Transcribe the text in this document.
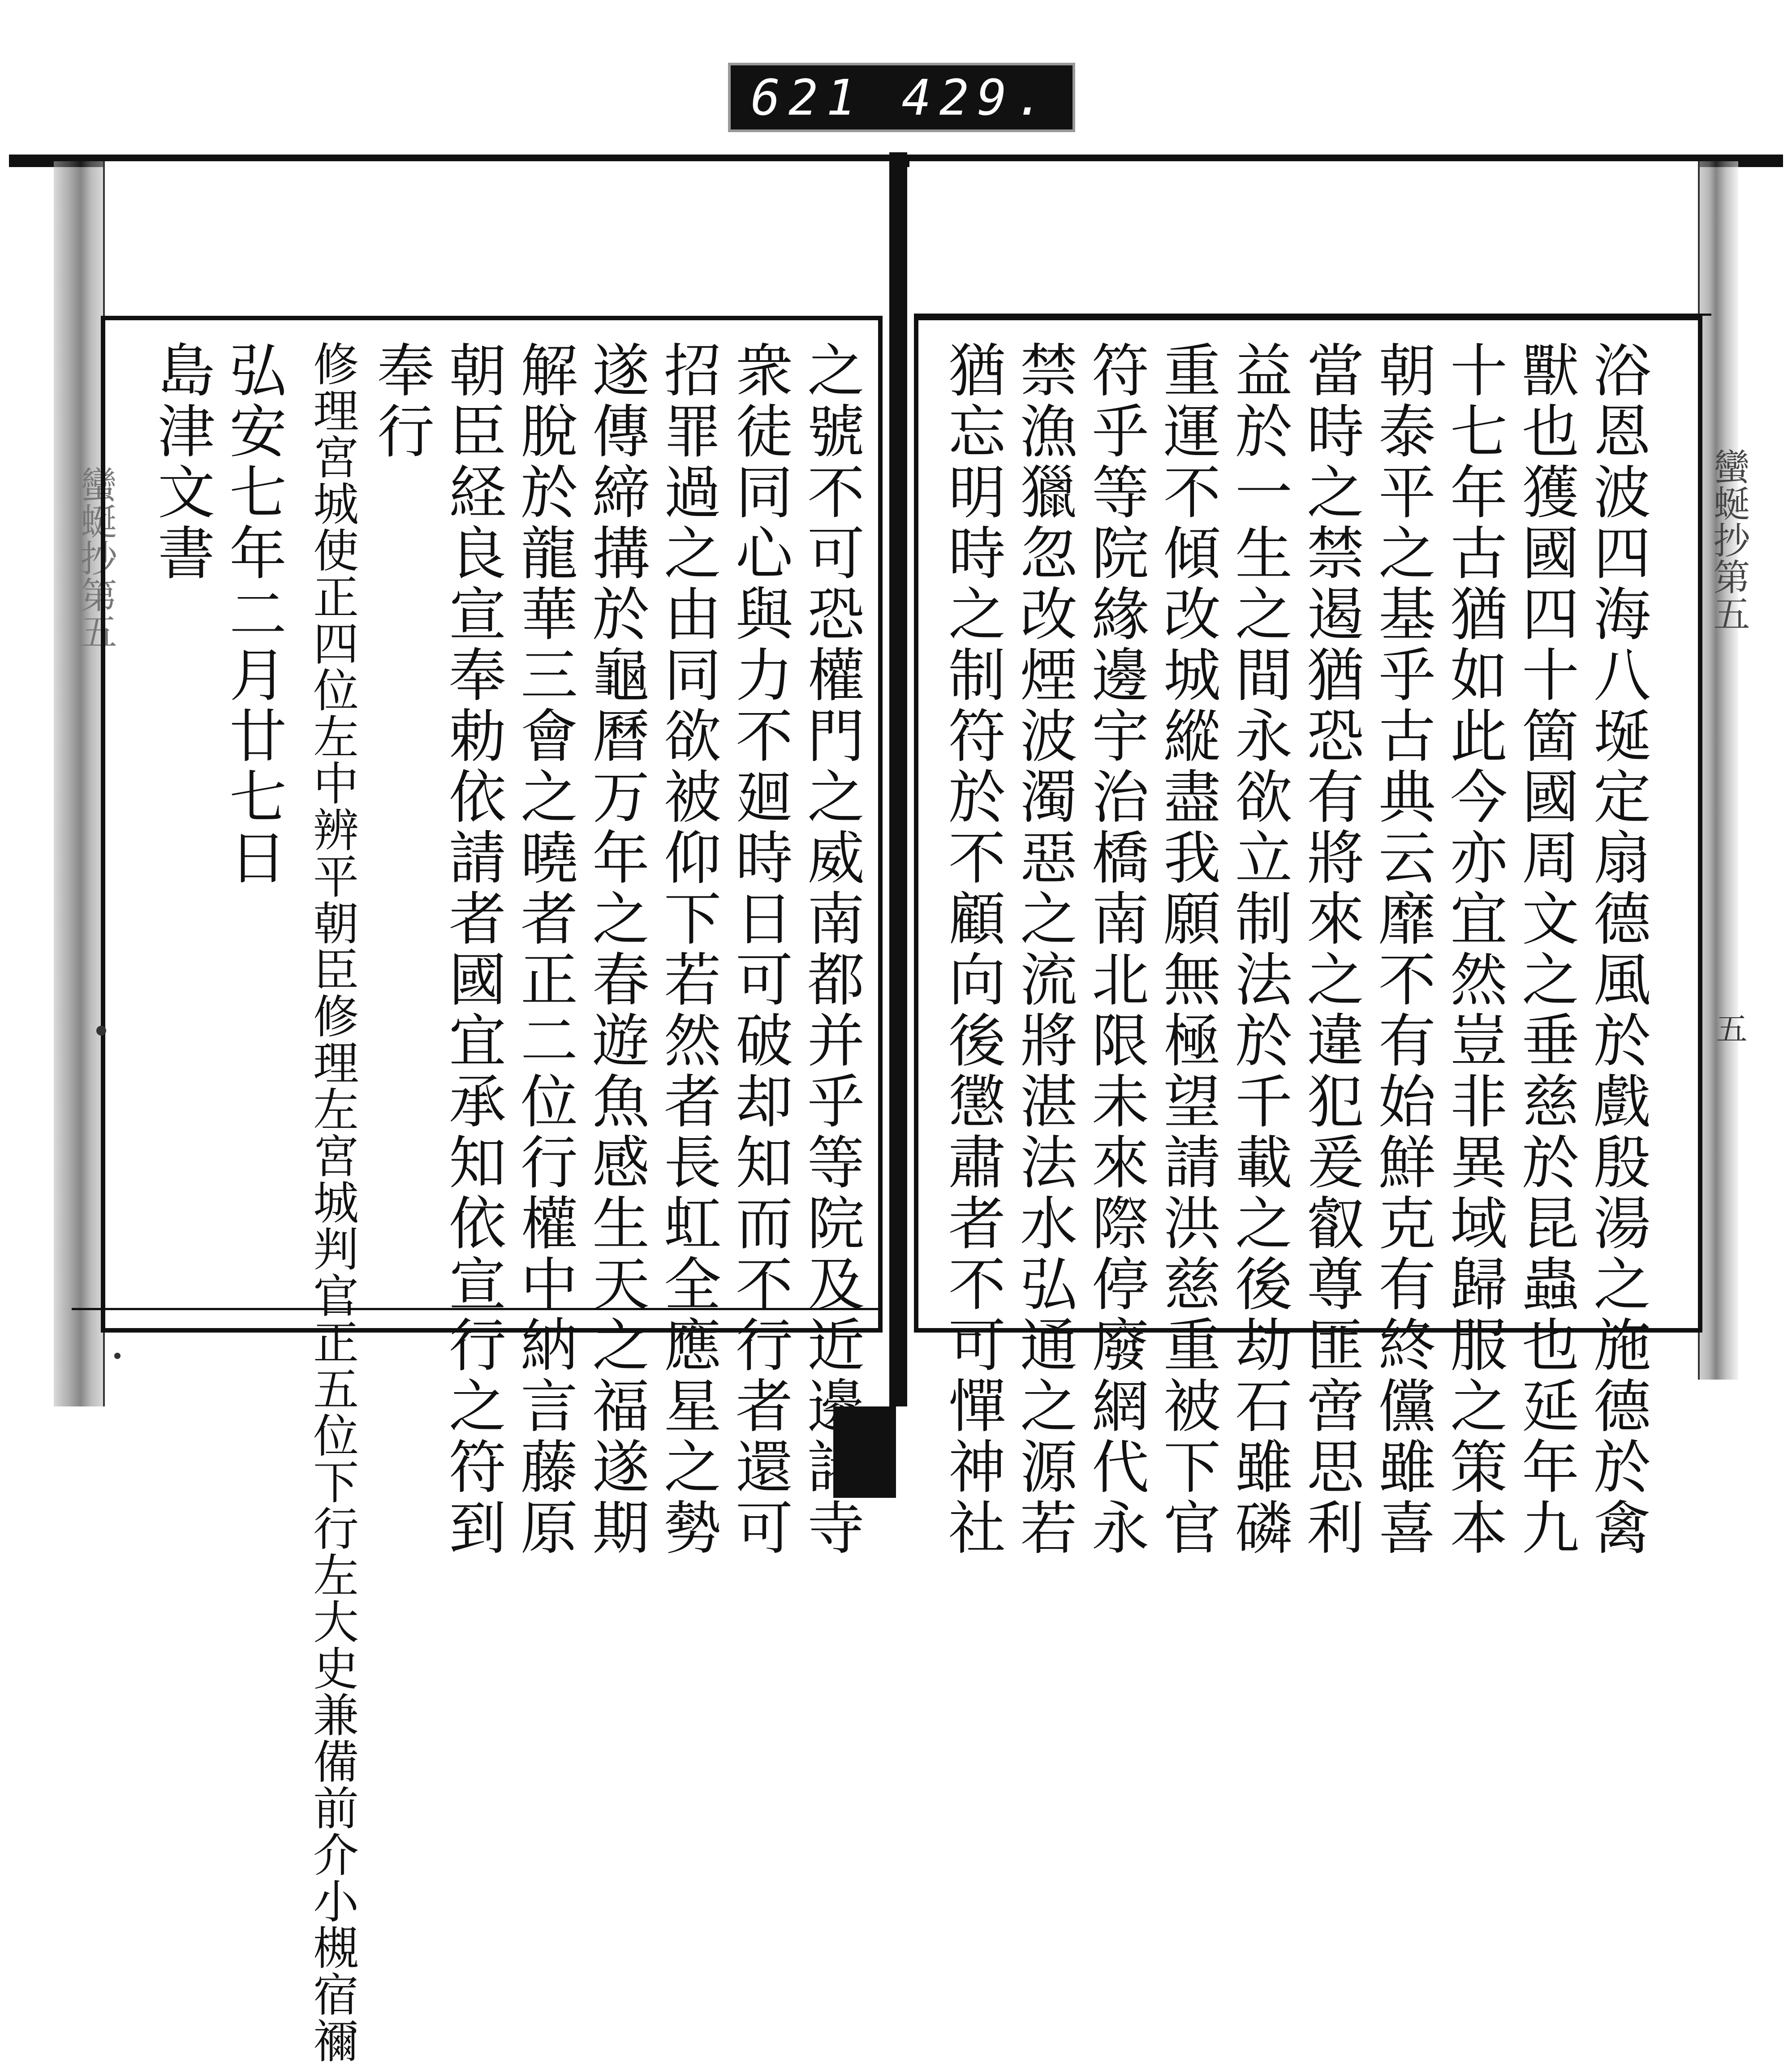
621 429.
蠻蜒抄第五
五
蠻蜒抄第五	浴恩波四海八埏定扇德風於戲殷湯之施德於禽
獸也獲國四十箇國周文之垂慈於昆蟲也延年九
十七年古猶如此今亦宜然豈非異域歸服之策本
朝泰平之基乎古典云靡不有始鮮克有終儻雖喜
當時之禁遏猶恐有將來之違犯爰叡尊匪啻思利
益於一生之間永欲立制法於千載之後劫石雖磷
重運不傾改城縱盡我願無極望請洪慈重被下官
符乎等院緣邊宇治橋南北限未來際停廢網代永
禁漁獵忽改煙波濁惡之流將湛法水弘通之源若
猶忘明時之制符於不顧向後懲肅者不可憚神社
之號不可恐權門之威南都并乎等院及近邊諸寺
衆徒同心與力不廻時日可破却知而不行者還可
招罪過之由同欲被仰下若然者長虹全應星之勢
遂傳締搆於龜曆万年之春遊魚感生天之福遂期
解脫於龍華三會之曉者正二位行權中納言藤原
朝臣経良宣奉勅依請者國宜承知依宣行之符到
奉行
修理宮城使正四位左中辨平朝臣修理左宮城判官正五位下行左大史兼備前介小槻宿禰
弘安七年二月廿七日
島津文書
